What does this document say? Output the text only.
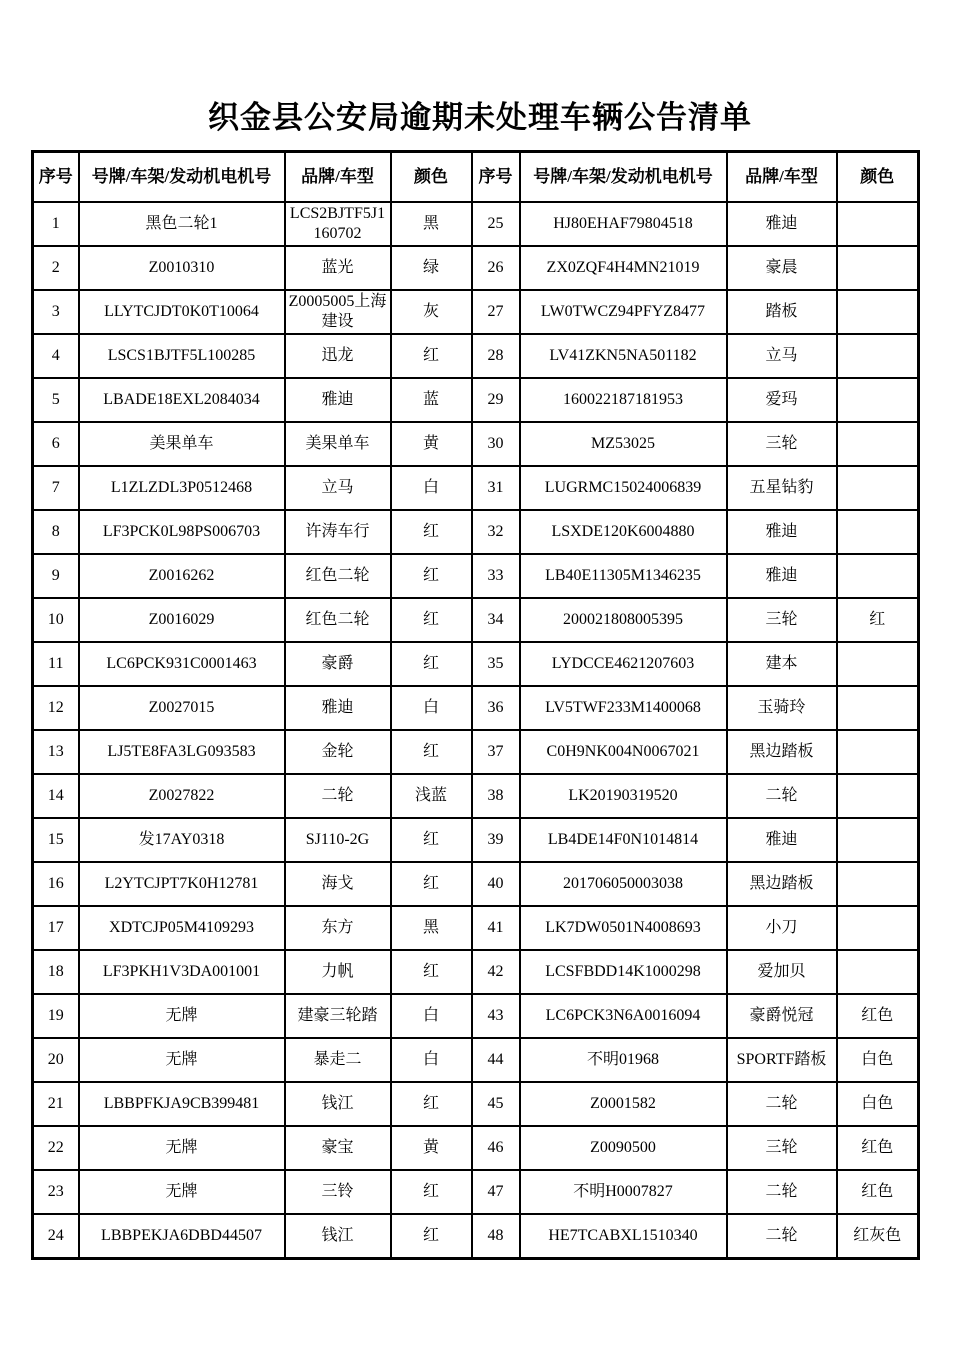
织金县公安局逾期未处理车辆公告清单
序号	号牌/车架/发动机电机号	品牌/车型	颜色	序号	号牌/车架/发动机电机号	品牌/车型	颜色
1	黑色二轮1	LCS2BJTF5J1160702	黑	25	HJ80EHAF79804518	雅迪	
2	Z0010310	蓝光	绿	26	ZX0ZQF4H4MN21019	豪晨	
3	LLYTCJDT0K0T10064	Z0005005上海建设	灰	27	LW0TWCZ94PFYZ8477	踏板	
4	LSCS1BJTF5L100285	迅龙	红	28	LV41ZKN5NA501182	立马	
5	LBADE18EXL2084034	雅迪	蓝	29	160022187181953	爱玛	
6	美果单车	美果单车	黄	30	MZ53025	三轮	
7	L1ZLZDL3P0512468	立马	白	31	LUGRMC15024006839	五星钻豹	
8	LF3PCK0L98PS006703	许涛车行	红	32	LSXDE120K6004880	雅迪	
9	Z0016262	红色二轮	红	33	LB40E11305M1346235	雅迪	
10	Z0016029	红色二轮	红	34	200021808005395	三轮	红
11	LC6PCK931C0001463	豪爵	红	35	LYDCCE4621207603	建本	
12	Z0027015	雅迪	白	36	LV5TWF233M1400068	玉骑玲	
13	LJ5TE8FA3LG093583	金轮	红	37	C0H9NK004N0067021	黑边踏板	
14	Z0027822	二轮	浅蓝	38	LK20190319520	二轮	
15	发17AY0318	SJ110-2G	红	39	LB4DE14F0N1014814	雅迪	
16	L2YTCJPT7K0H12781	海戈	红	40	201706050003038	黑边踏板	
17	XDTCJP05M4109293	东方	黑	41	LK7DW0501N4008693	小刀	
18	LF3PKH1V3DA001001	力帆	红	42	LCSFBDD14K1000298	爱加贝	
19	无牌	建豪三轮踏	白	43	LC6PCK3N6A0016094	豪爵悦冠	红色
20	无牌	暴走二	白	44	不明01968	SPORTF踏板	白色
21	LBBPFKJA9CB399481	钱江	红	45	Z0001582	二轮	白色
22	无牌	豪宝	黄	46	Z0090500	三轮	红色
23	无牌	三铃	红	47	不明H0007827	二轮	红色
24	LBBPEKJA6DBD44507	钱江	红	48	HE7TCABXL1510340	二轮	红灰色
